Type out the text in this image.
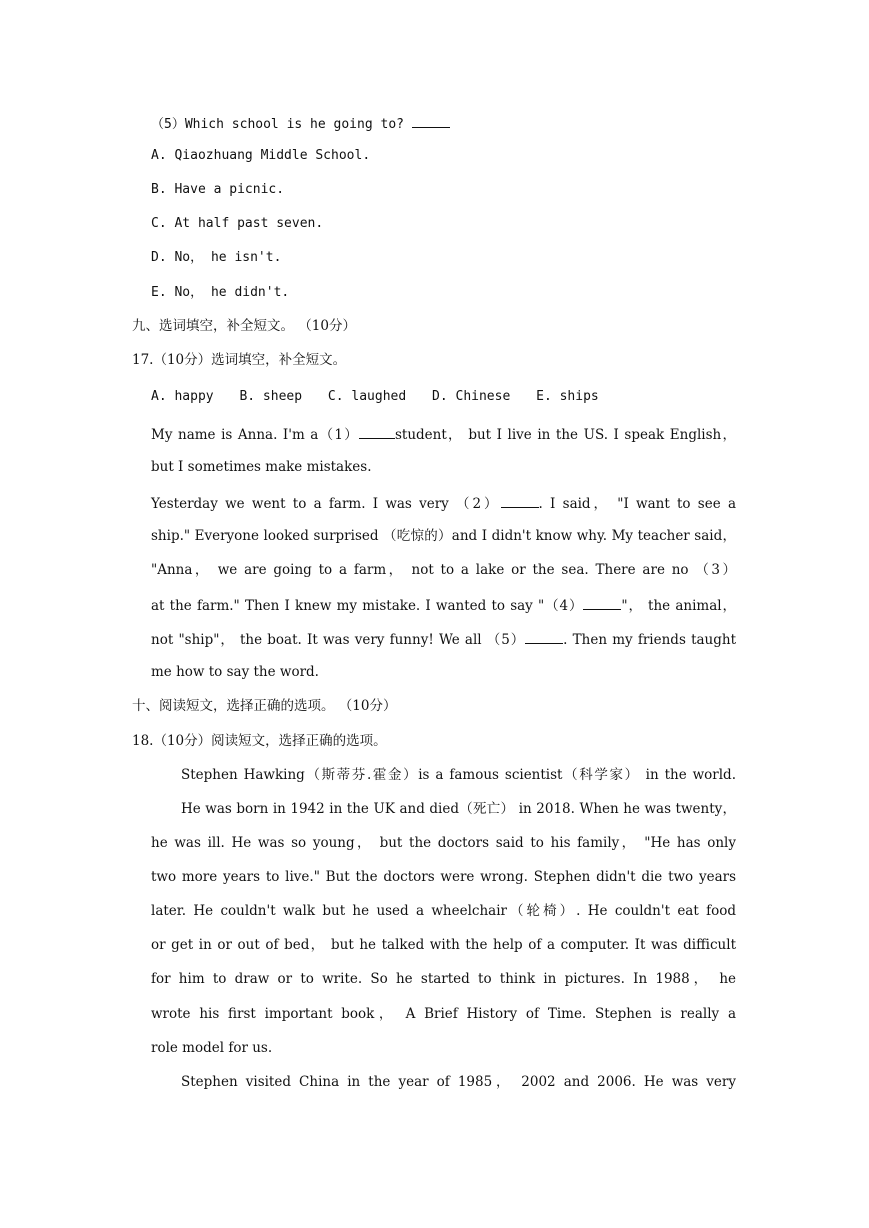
（5）Which school is he going to?
A. Qiaozhuang Middle School.
B. Have a picnic.
C. At half past seven.
D. No， he isn't.
E. No， he didn't.
九、选词填空，补全短文。 （10分）
17.（10分）选词填空，补全短文。
A. happy B. sheep C. laughed D. Chinese E. ships
My name is Anna. I'm a（1）	student， but I live in the US. I speak English，
but I sometimes make mistakes.
Yesterday we went to a farm. I was very （2）	. I said， "I want to see a
ship." Everyone looked surprised （吃惊的）and I didn't know why. My teacher said，
"Anna， we are going to a farm， not to a lake or the sea. There are no （3）
at the farm." Then I knew my mistake. I wanted to say "（4）	"， the animal，
not "ship"， the boat. It was very funny! We all （5）	. Then my friends taught
me how to say the word.
十、阅读短文，选择正确的选项。 （10分）
18.（10分）阅读短文，选择正确的选项。
Stephen Hawking（斯蒂芬.霍金）is a famous scientist（科学家） in the world.
He was born in 1942 in the UK and died（死亡） in 2018. When he was twenty，
he was ill. He was so young， but the doctors said to his family， "He has only
two more years to live." But the doctors were wrong. Stephen didn't die two years
later. He couldn't walk but he used a wheelchair（轮椅）. He couldn't eat food
or get in or out of bed， but he talked with the help of a computer. It was difficult
for him to draw or to write. So he started to think in pictures. In 1988， he
wrote his first important book， A Brief History of Time. Stephen is really a
role model for us.
Stephen visited China in the year of 1985， 2002 and 2006. He was very
